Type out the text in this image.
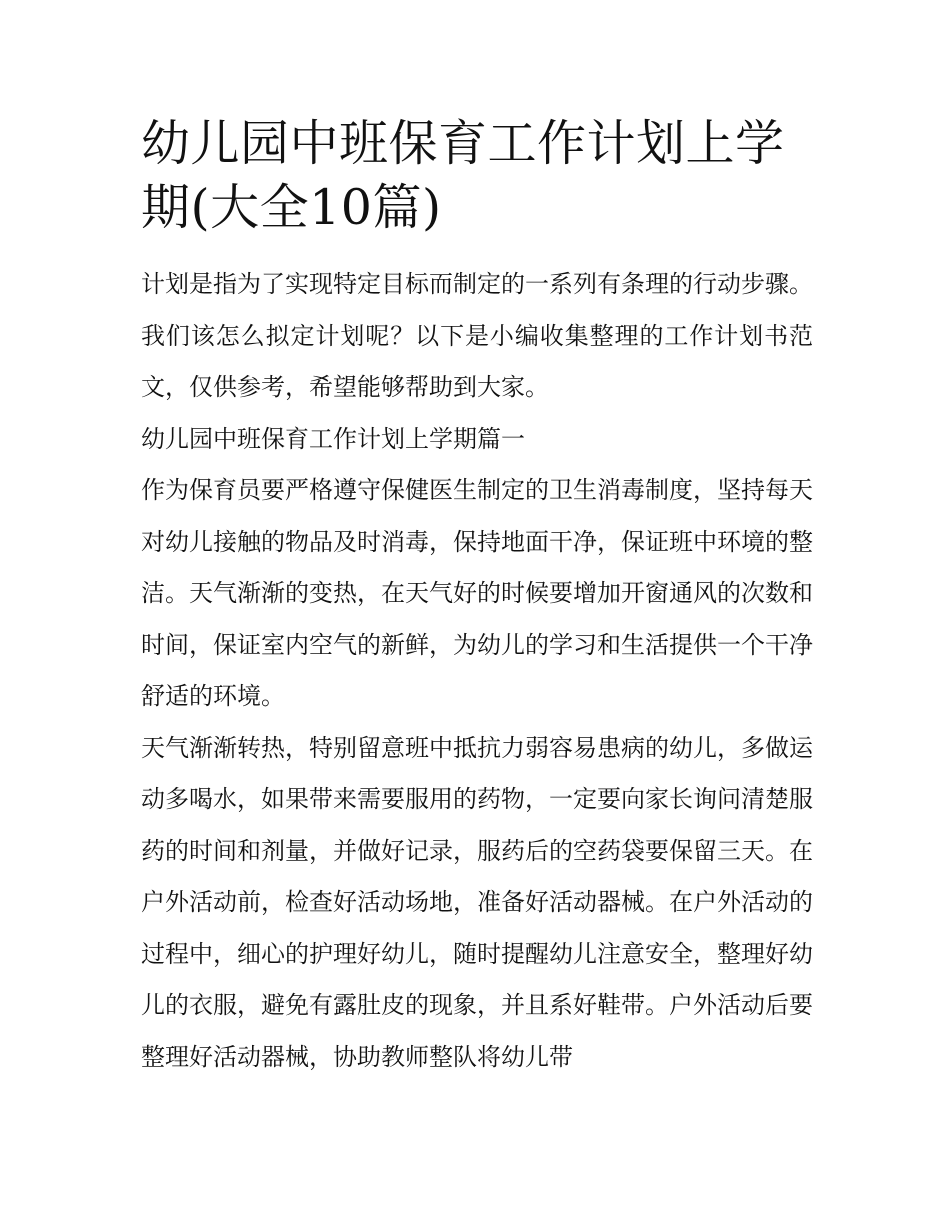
幼儿园中班保育工作计划上学期(大全10篇)

计划是指为了实现特定目标而制定的一系列有条理的行动步骤。我们该怎么拟定计划呢？以下是小编收集整理的工作计划书范文，仅供参考，希望能够帮助到大家。

幼儿园中班保育工作计划上学期篇一

作为保育员要严格遵守保健医生制定的卫生消毒制度，坚持每天对幼儿接触的物品及时消毒，保持地面干净，保证班中环境的整洁。天气渐渐的变热，在天气好的时候要增加开窗通风的次数和时间，保证室内空气的新鲜，为幼儿的学习和生活提供一个干净舒适的环境。

天气渐渐转热，特别留意班中抵抗力弱容易患病的幼儿，多做运动多喝水，如果带来需要服用的药物，一定要向家长询问清楚服药的时间和剂量，并做好记录，服药后的空药袋要保留三天。在户外活动前，检查好活动场地，准备好活动器械。在户外活动的过程中，细心的护理好幼儿，随时提醒幼儿注意安全，整理好幼儿的衣服，避免有露肚皮的现象，并且系好鞋带。户外活动后要整理好活动器械，协助教师整队将幼儿带
